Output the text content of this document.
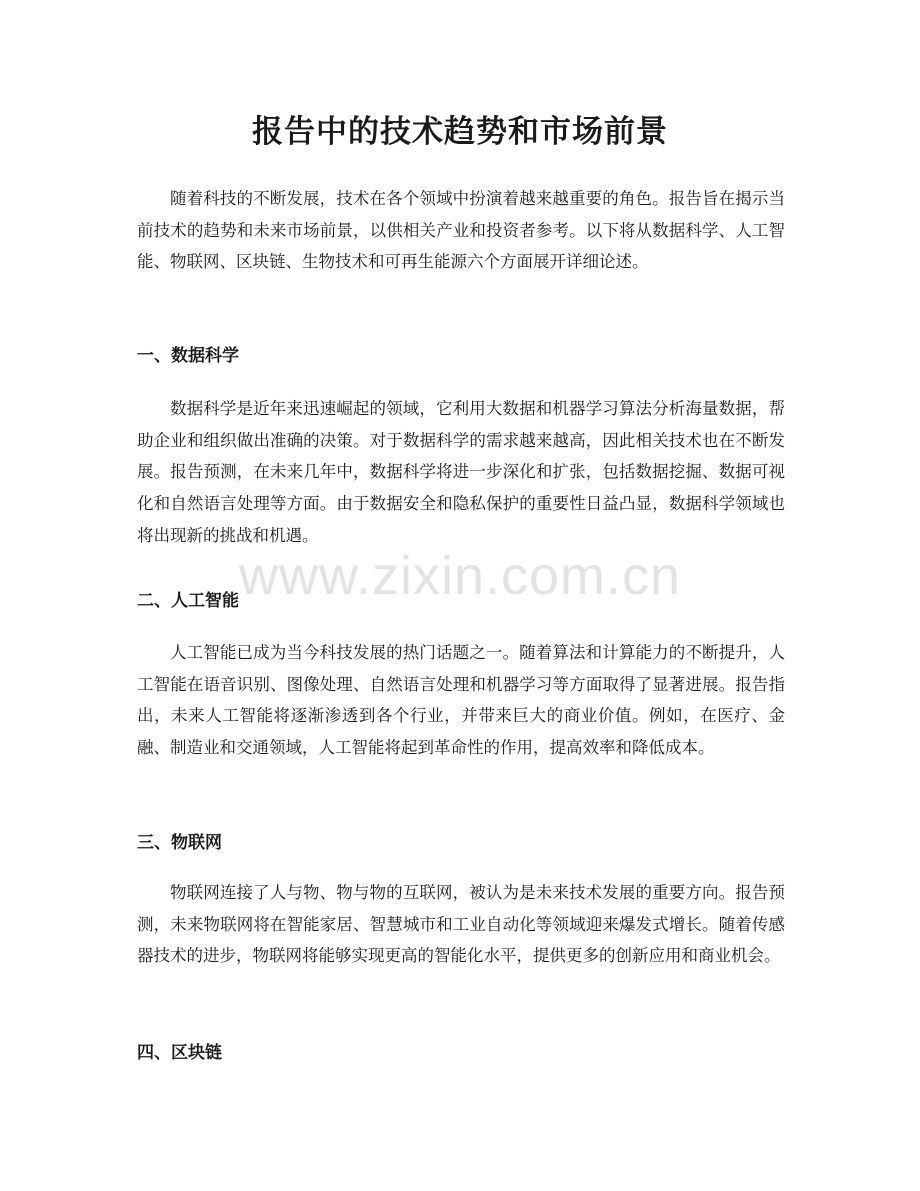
报告中的技术趋势和市场前景

随着科技的不断发展，技术在各个领域中扮演着越来越重要的角色。报告旨在揭示当前技术的趋势和未来市场前景，以供相关产业和投资者参考。以下将从数据科学、人工智能、物联网、区块链、生物技术和可再生能源六个方面展开详细论述。

一、数据科学

数据科学是近年来迅速崛起的领域，它利用大数据和机器学习算法分析海量数据，帮助企业和组织做出准确的决策。对于数据科学的需求越来越高，因此相关技术也在不断发展。报告预测，在未来几年中，数据科学将进一步深化和扩张，包括数据挖掘、数据可视化和自然语言处理等方面。由于数据安全和隐私保护的重要性日益凸显，数据科学领域也将出现新的挑战和机遇。

二、人工智能

人工智能已成为当今科技发展的热门话题之一。随着算法和计算能力的不断提升，人工智能在语音识别、图像处理、自然语言处理和机器学习等方面取得了显著进展。报告指出，未来人工智能将逐渐渗透到各个行业，并带来巨大的商业价值。例如，在医疗、金融、制造业和交通领域，人工智能将起到革命性的作用，提高效率和降低成本。

三、物联网

物联网连接了人与物、物与物的互联网，被认为是未来技术发展的重要方向。报告预测，未来物联网将在智能家居、智慧城市和工业自动化等领域迎来爆发式增长。随着传感器技术的进步，物联网将能够实现更高的智能化水平，提供更多的创新应用和商业机会。

四、区块链
www.zixin.com.cn
